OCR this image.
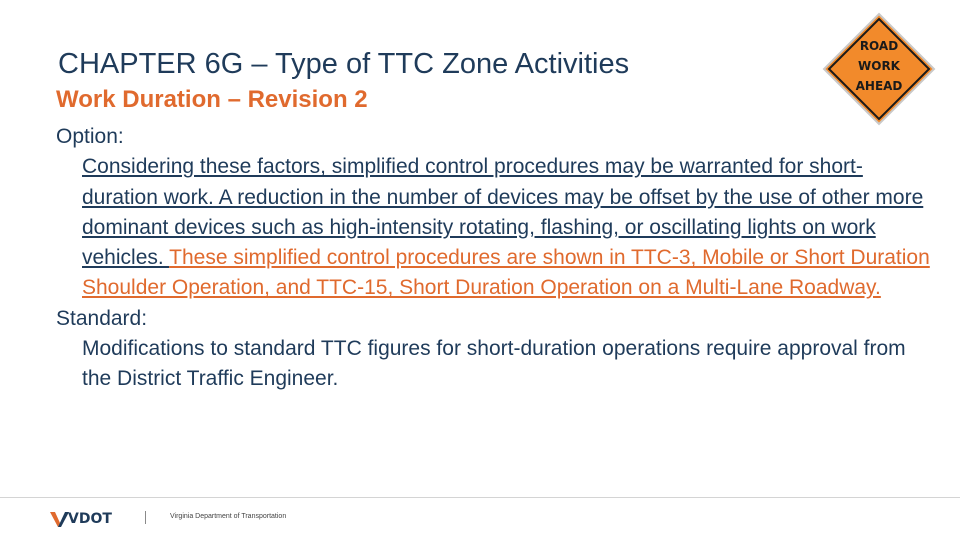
CHAPTER 6G – Type of TTC Zone Activities
Work Duration – Revision 2
ROAD
WORK
AHEAD
Option:
Considering these factors, simplified control procedures may be warranted for short-duration work. A reduction in the number of devices may be offset by the use of other more dominant devices such as high-intensity rotating, flashing, or oscillating lights on work vehicles. These simplified control procedures are shown in TTC-3, Mobile or Short Duration Shoulder Operation, and TTC-15, Short Duration Operation on a Multi-Lane Roadway.
Standard:
Modifications to standard TTC figures for short-duration operations require approval from the District Traffic Engineer.
VDOT	Virginia Department of Transportation
